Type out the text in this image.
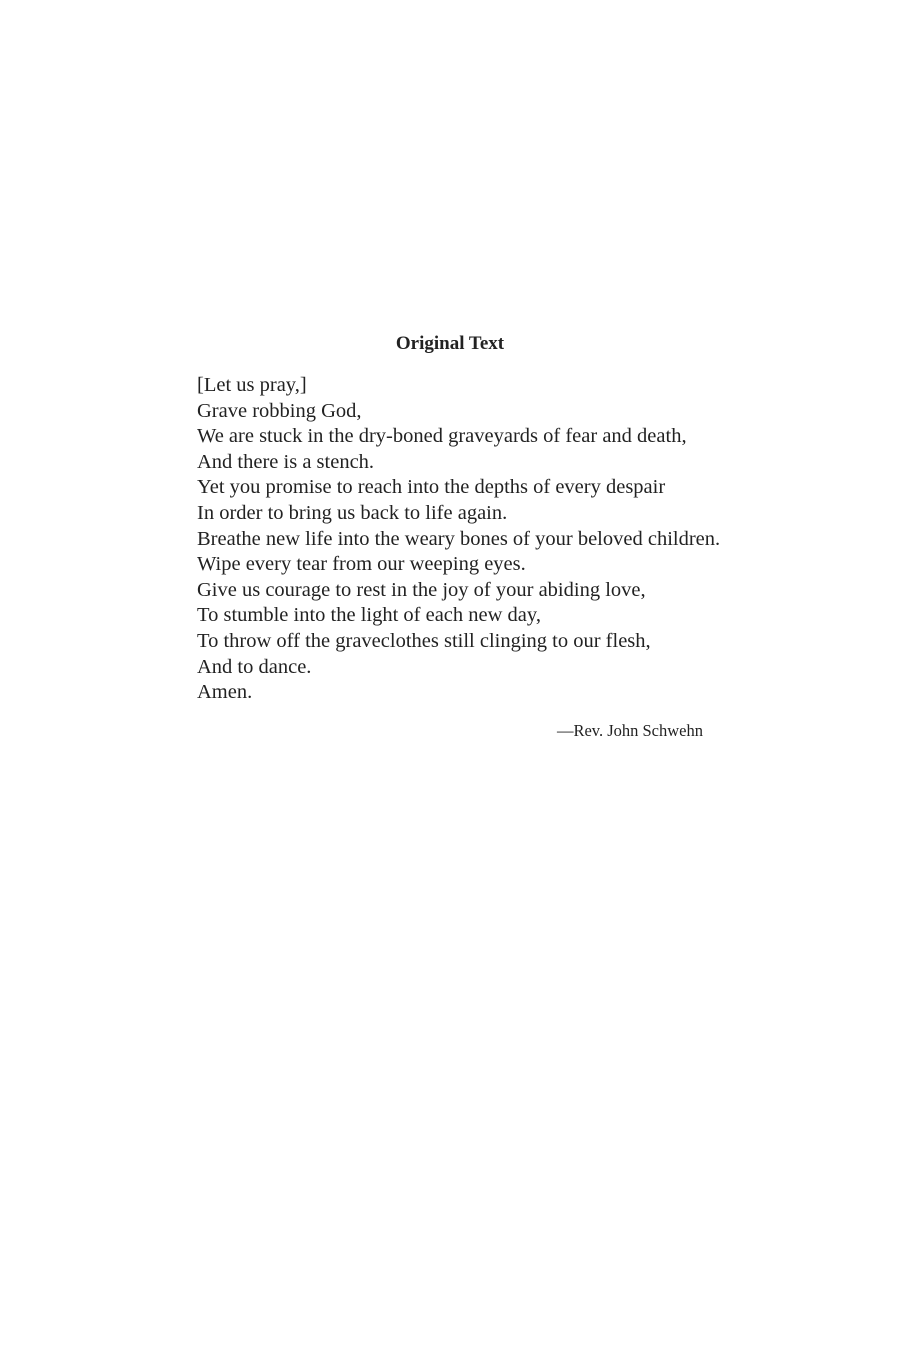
Original Text
[Let us pray,]
Grave robbing God,
We are stuck in the dry-boned graveyards of fear and death,
And there is a stench.
Yet you promise to reach into the depths of every despair
In order to bring us back to life again.
Breathe new life into the weary bones of your beloved children.
Wipe every tear from our weeping eyes.
Give us courage to rest in the joy of your abiding love,
To stumble into the light of each new day,
To throw off the graveclothes still clinging to our flesh,
And to dance.
Amen.
—Rev. John Schwehn
